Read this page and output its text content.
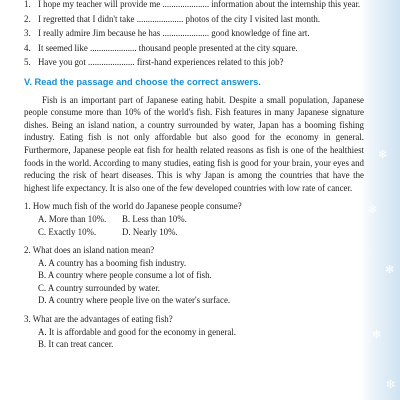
✻
✻
✻
✻
✻

1. I hope my teacher will provide me ..................... information about the internship this year.

2. I regretted that I didn't take ..................... photos of the city I visited last month.

3. I really admire Jim because he has ..................... good knowledge of fine art.

4. It seemed like ..................... thousand people presented at the city square.

5. Have you got ..................... first-hand experiences related to this job?

V. Read the passage and choose the correct answers.

Fish is an important part of Japanese eating habit. Despite a small population, Japanese people consume more than 10% of the world's fish. Fish features in many Japanese signature dishes. Being an island nation, a country surrounded by water, Japan has a booming fishing industry. Eating fish is not only affordable but also good for the economy in general. Furthermore, Japanese people eat fish for health related reasons as fish is one of the healthiest foods in the world. According to many studies, eating fish is good for your brain, your eyes and reducing the risk of heart diseases. This is why Japan is among the countries that have the highest life expectancy. It is also one of the few developed countries with low rate of cancer.

1. How much fish of the world do Japanese people consume?
A. More than 10%.	B. Less than 10%.
C. Exactly 10%.	D. Nearly 10%.
2. What does an island nation mean?
A. A country has a booming fish industry.
B. A country where people consume a lot of fish.
C. A country surrounded by water.
D. A country where people live on the water's surface.
3. What are the advantages of eating fish?
A. It is affordable and good for the economy in general.
B. It can treat cancer.
